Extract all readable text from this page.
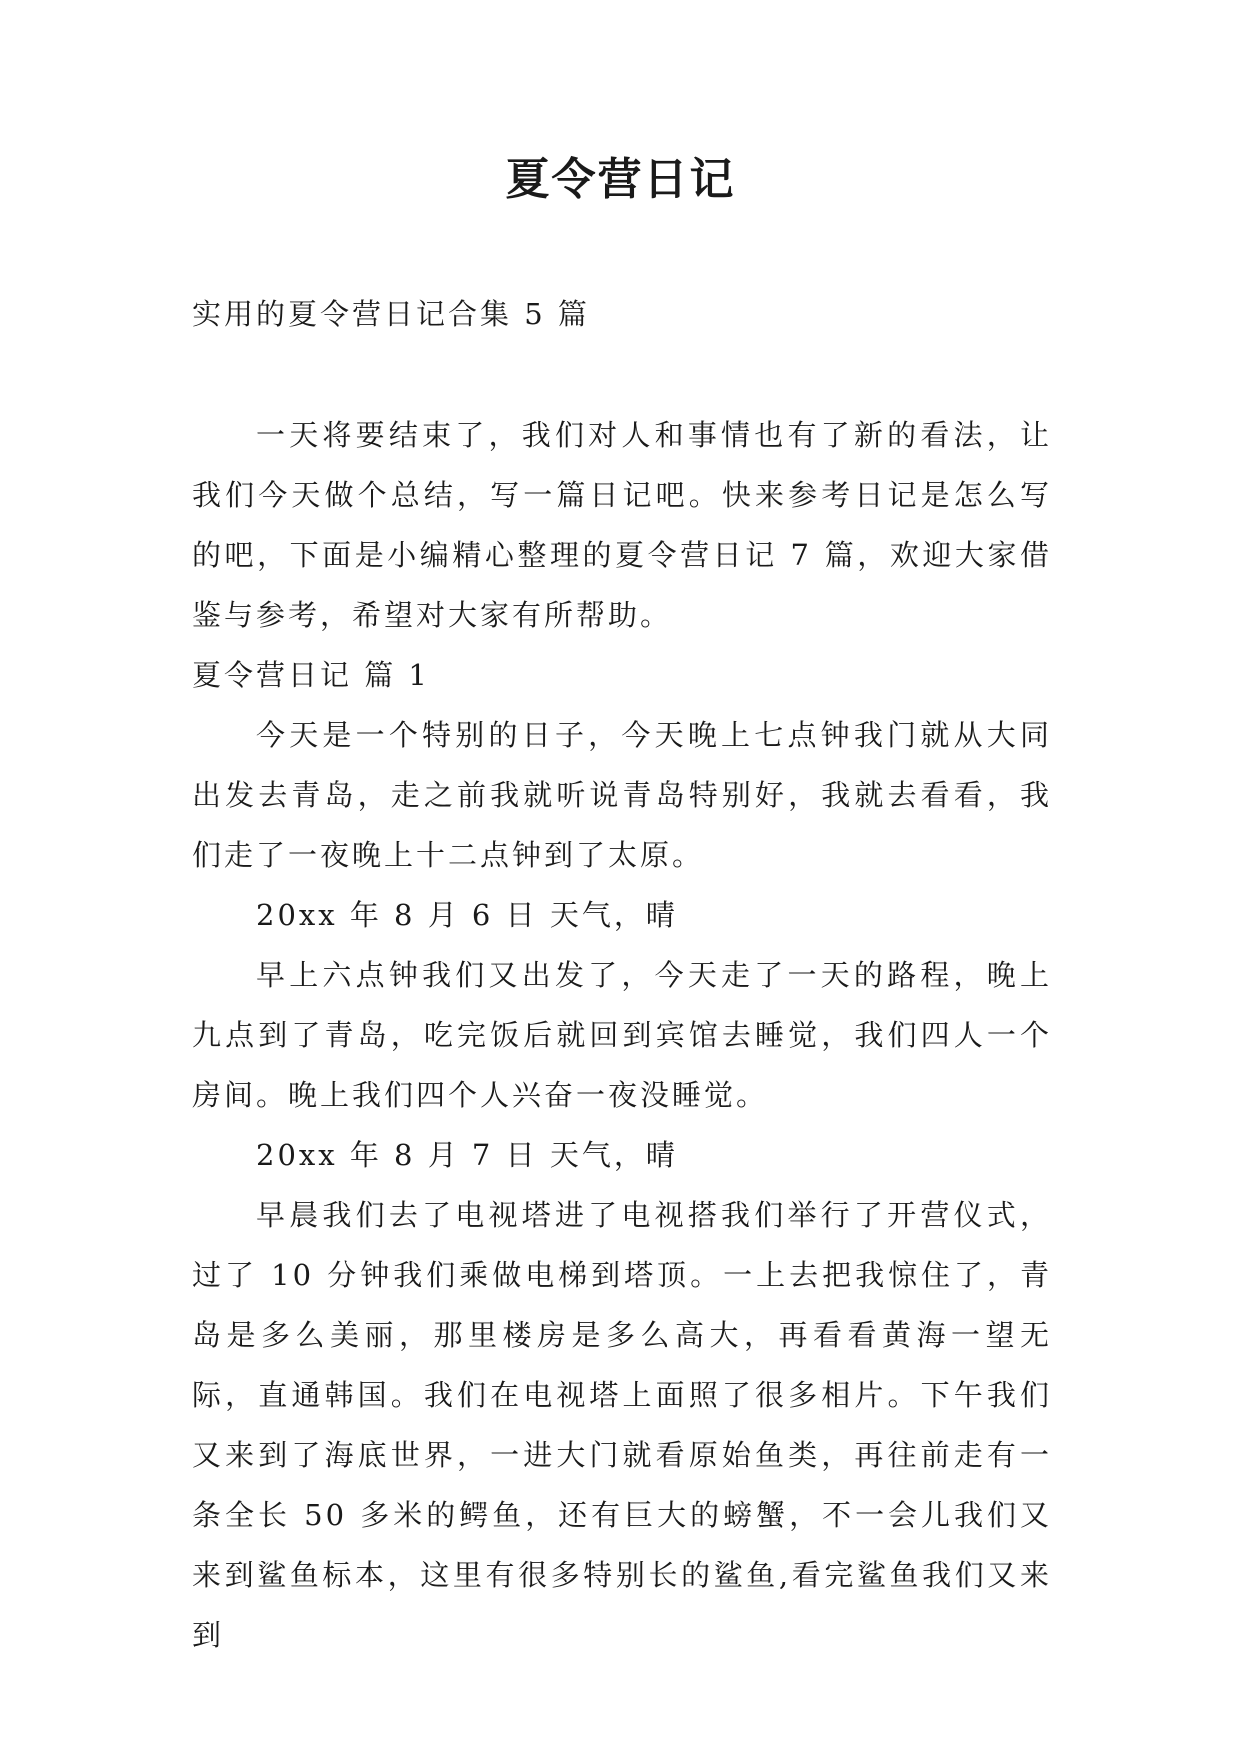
夏令营日记

实用的夏令营日记合集 5 篇

一天将要结束了，我们对人和事情也有了新的看法，让我们今天做个总结，写一篇日记吧。快来参考日记是怎么写的吧，下面是小编精心整理的夏令营日记 7 篇，欢迎大家借鉴与参考，希望对大家有所帮助。

夏令营日记 篇 1

今天是一个特别的日子，今天晚上七点钟我门就从大同出发去青岛，走之前我就听说青岛特别好，我就去看看，我们走了一夜晚上十二点钟到了太原。

20xx 年 8 月 6 日 天气，晴

早上六点钟我们又出发了，今天走了一天的路程，晚上九点到了青岛，吃完饭后就回到宾馆去睡觉，我们四人一个房间。晚上我们四个人兴奋一夜没睡觉。

20xx 年 8 月 7 日 天气，晴

早晨我们去了电视塔进了电视搭我们举行了开营仪式，过了 10 分钟我们乘做电梯到塔顶。一上去把我惊住了，青岛是多么美丽，那里楼房是多么高大，再看看黄海一望无际，直通韩国。我们在电视塔上面照了很多相片。下午我们又来到了海底世界，一进大门就看原始鱼类，再往前走有一条全长 50 多米的鳄鱼，还有巨大的螃蟹，不一会儿我们又来到鲨鱼标本，这里有很多特别长的鲨鱼,看完鲨鱼我们又来到
